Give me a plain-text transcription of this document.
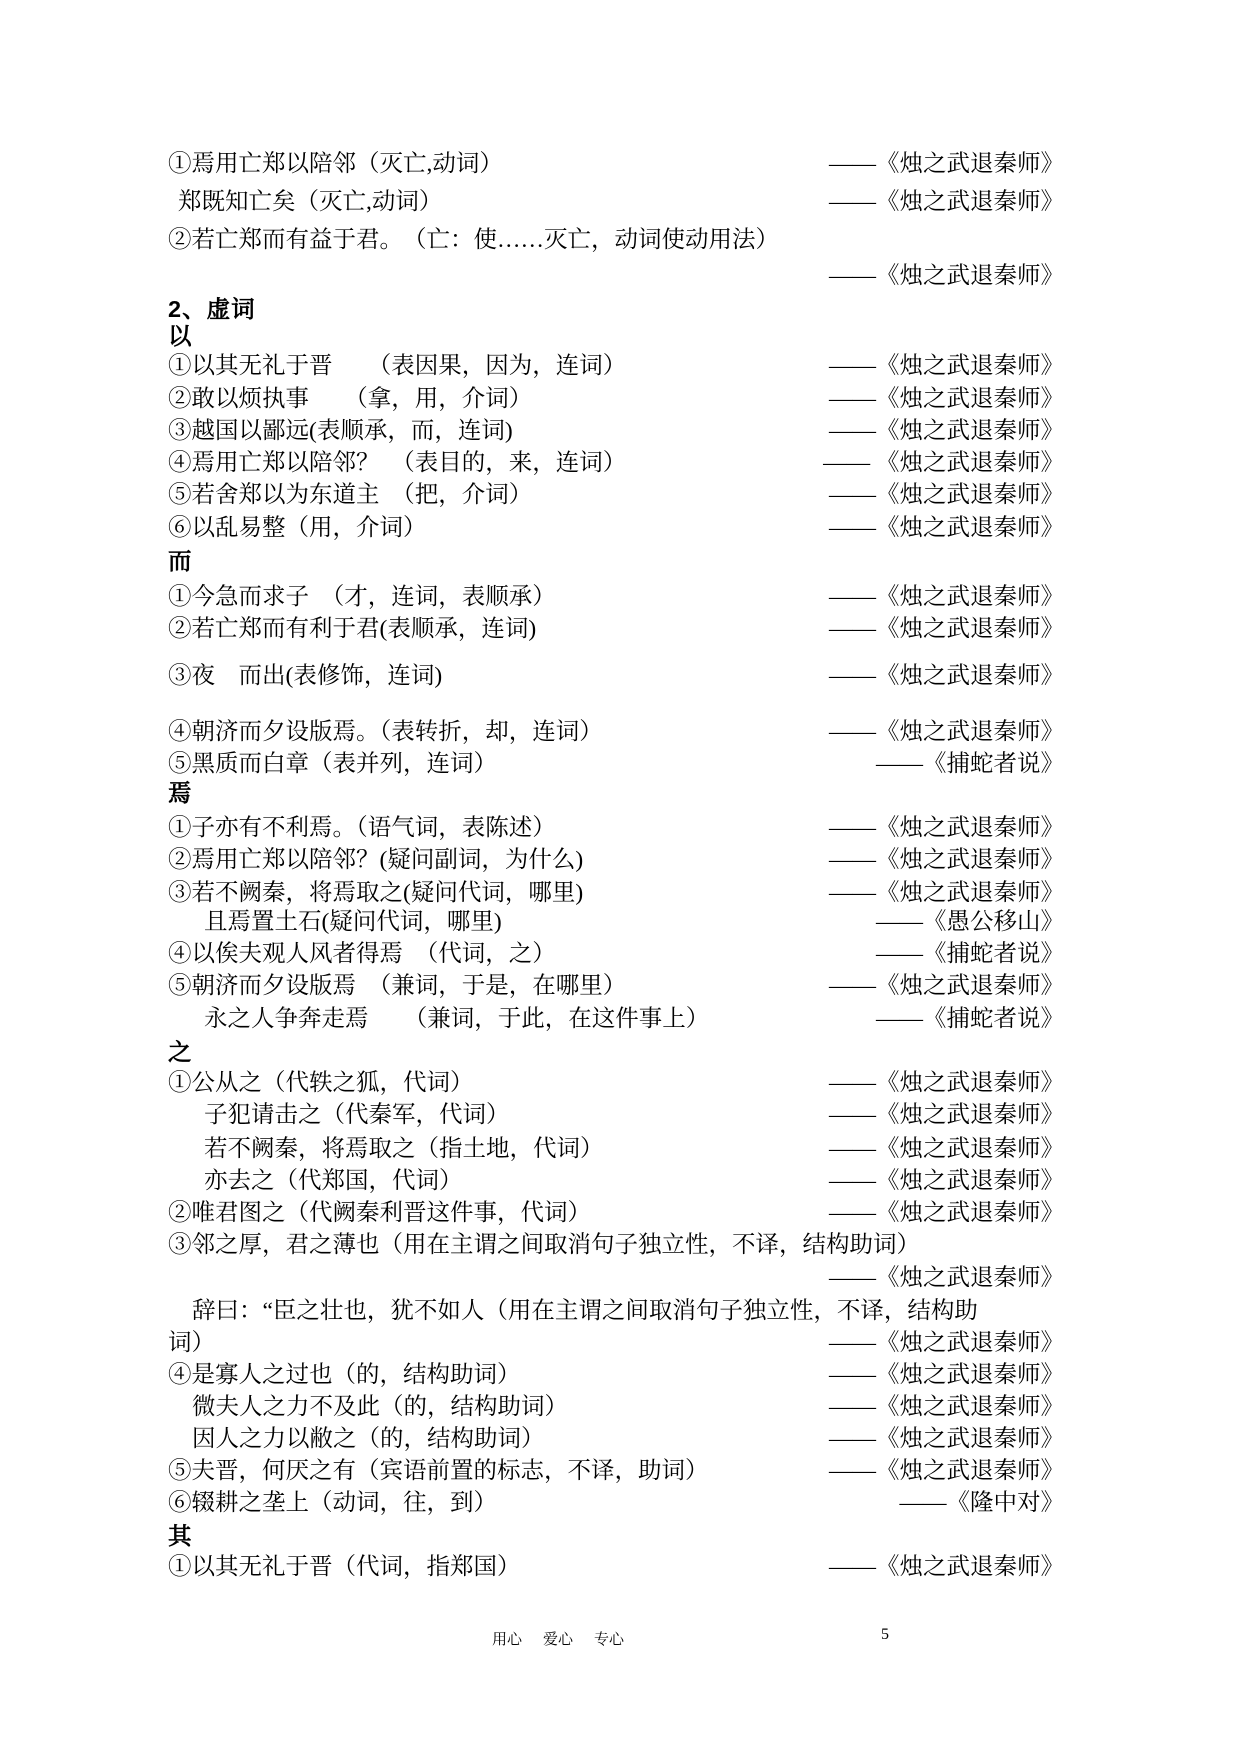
①焉用亡郑以陪邻（灭亡,动词）	——《烛之武退秦师》
郑既知亡矣（灭亡,动词）	——《烛之武退秦师》
②若亡郑而有益于君。　（亡：使……灭亡，动词使动用法）
——《烛之武退秦师》
2、虚词
以
①以其无礼于晋　　（表因果，因为，连词）	——《烛之武退秦师》
②敢以烦执事　　（拿，用，介词）	——《烛之武退秦师》
③越国以鄙远(表顺承，而，连词)	——《烛之武退秦师》
④焉用亡郑以陪邻？　（表目的，来，连词）	—— 《烛之武退秦师》
⑤若舍郑以为东道主　（把，介词）	——《烛之武退秦师》
⑥以乱易整（用，介词）	——《烛之武退秦师》
而
①今急而求子　（才，连词，表顺承）	——《烛之武退秦师》
②若亡郑而有利于君(表顺承，连词)	——《烛之武退秦师》
③夜　而出(表修饰，连词)	——《烛之武退秦师》
④朝济而夕设版焉。（表转折，却，连词）	——《烛之武退秦师》
⑤黑质而白章（表并列，连词）	——《捕蛇者说》
焉
①子亦有不利焉。（语气词，表陈述）	——《烛之武退秦师》
②焉用亡郑以陪邻？(疑问副词，为什么)	——《烛之武退秦师》
③若不阙秦，将焉取之(疑问代词，哪里)	——《烛之武退秦师》
且焉置土石(疑问代词，哪里)	——《愚公移山》
④以俟夫观人风者得焉　（代词，之）	——《捕蛇者说》
⑤朝济而夕设版焉　（兼词，于是，在哪里）	——《烛之武退秦师》
永之人争奔走焉　　（兼词，于此，在这件事上）	——《捕蛇者说》
之
①公从之（代轶之狐，代词）	——《烛之武退秦师》
子犯请击之（代秦军，代词）	——《烛之武退秦师》
若不阙秦，将焉取之（指土地，代词）	——《烛之武退秦师》
亦去之（代郑国，代词）	——《烛之武退秦师》
②唯君图之（代阙秦利晋这件事，代词）	——《烛之武退秦师》
③邻之厚，君之薄也（用在主谓之间取消句子独立性，不译，结构助词）
——《烛之武退秦师》
辞曰：“臣之壮也，犹不如人（用在主谓之间取消句子独立性，不译，结构助
词）	——《烛之武退秦师》
④是寡人之过也（的，结构助词）	——《烛之武退秦师》
微夫人之力不及此（的，结构助词）	——《烛之武退秦师》
因人之力以敝之（的，结构助词）	——《烛之武退秦师》
⑤夫晋，何厌之有（宾语前置的标志，不译，助词）	——《烛之武退秦师》
⑥辍耕之垄上（动词，往，到）	——《隆中对》
其
①以其无礼于晋（代词，指郑国）	——《烛之武退秦师》
用心 爱心 专心	5
